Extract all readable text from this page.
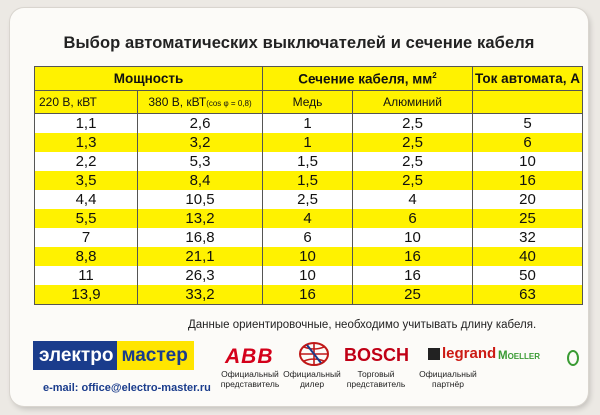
Выбор автоматических выключателей и сечение кабеля
Мощность		Сечение кабеля, $мм^2$		Ток автомата, А
220 В, кВТ	380 В, кВТ(cos φ = 0,8)	Медь	Алюминий	
1,1	2,6	1	2,5	5
1,3	3,2	1	2,5	6
2,2	5,3	1,5	2,5	10
3,5	8,4	1,5	2,5	16
4,4	10,5	2,5	4	20
5,5	13,2	4	6	25
7	16,8	6	10	32
8,8	21,1	10	16	40
11	26,3	10	16	50
13,9	33,2	16	25	63
Данные ориентировочные, необходимо учитывать длину кабеля.
электро мастер
e-mail: office@electro-master.ru
ABB	BOSCH legrand Moeller
Официальный
представитель
Официальный
дилер
Торговый
представитель
Официальный
партнёр
